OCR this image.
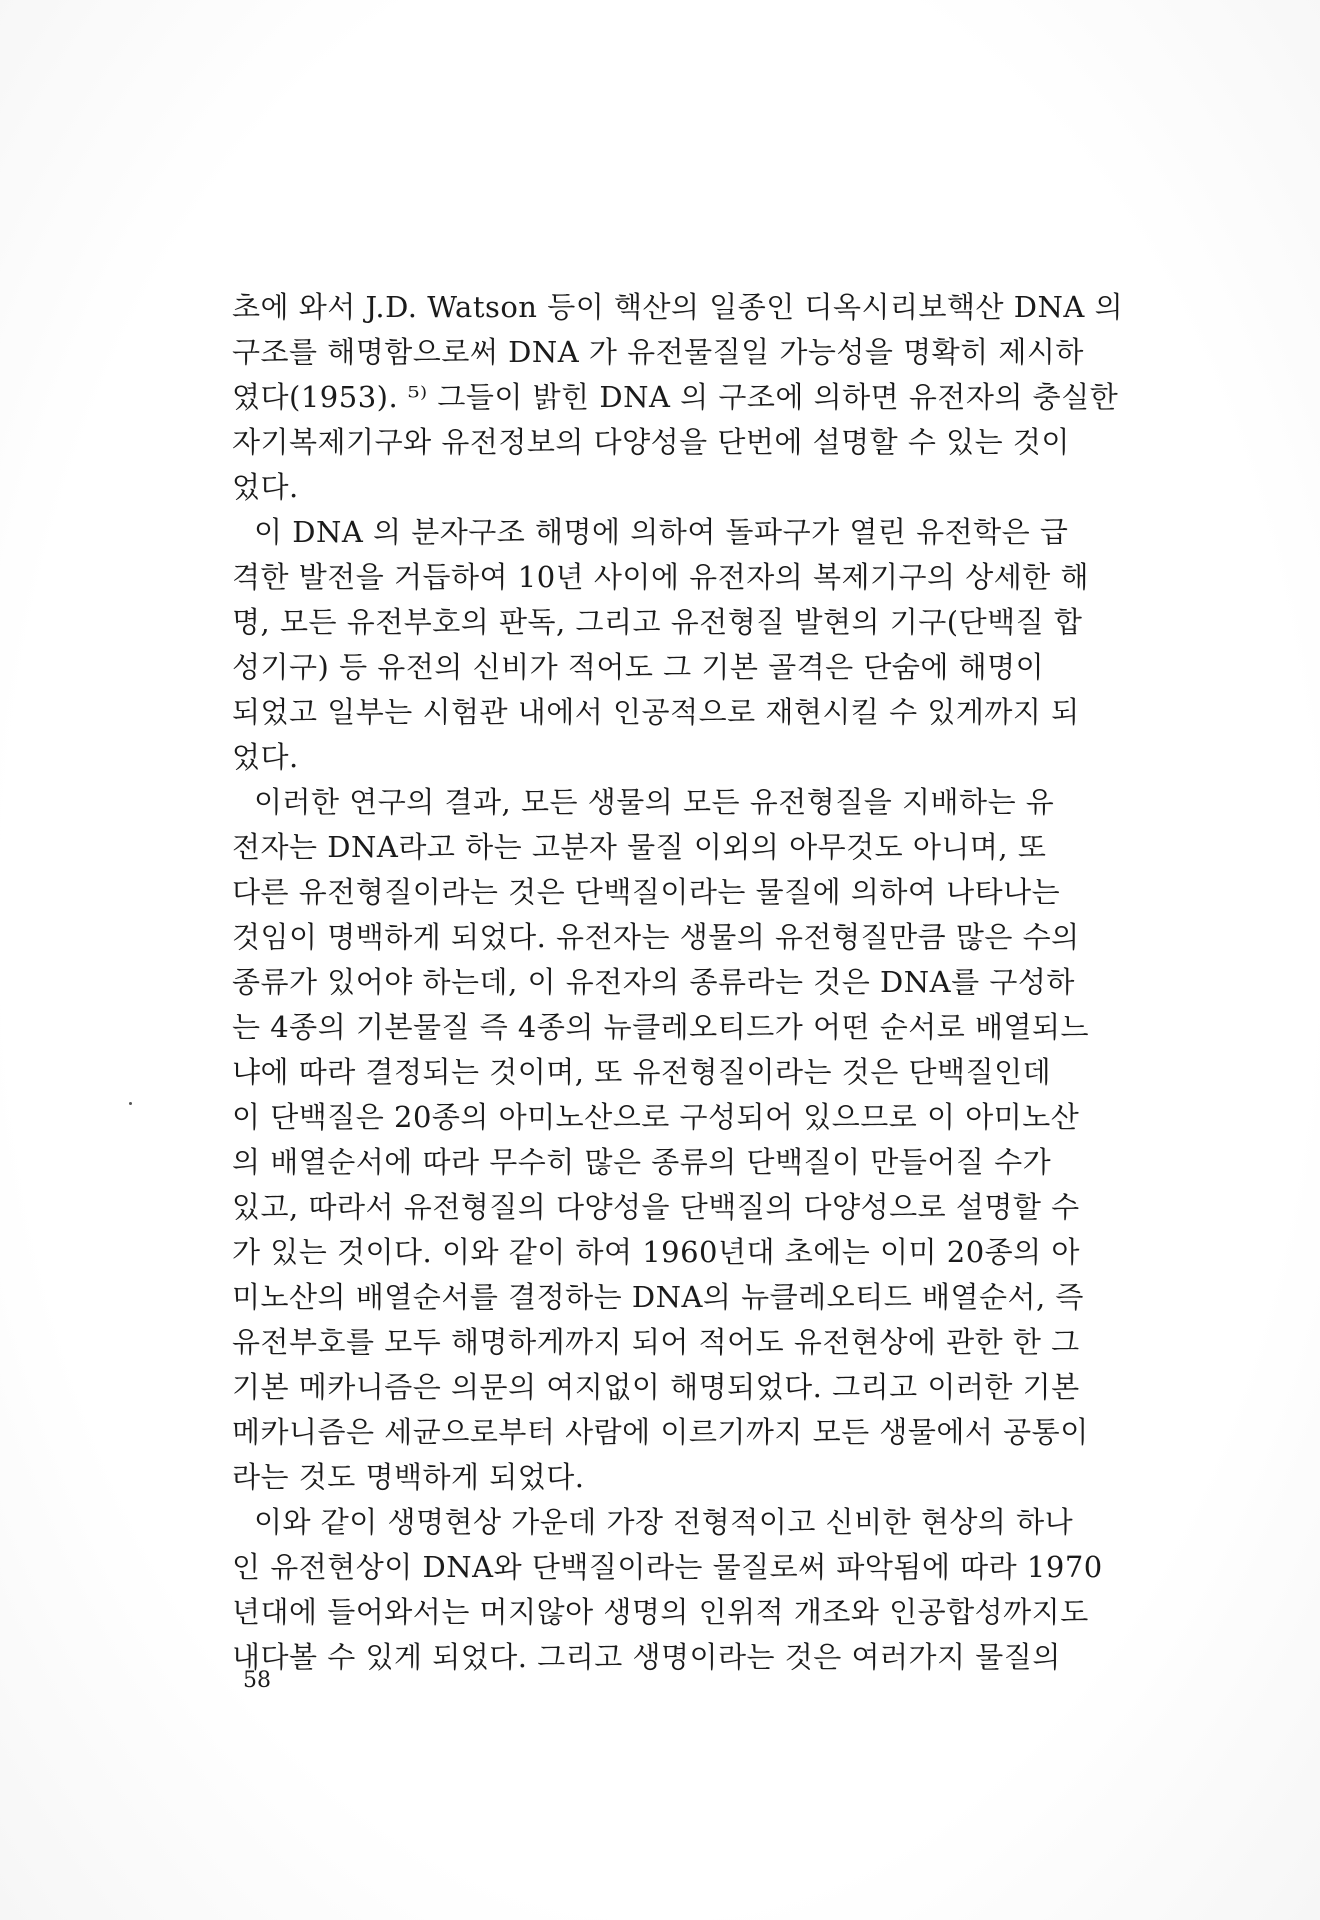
초에 와서 J.D. Watson 등이 핵산의 일종인 디옥시리보핵산 DNA 의
구조를 해명함으로써 DNA 가 유전물질일 가능성을 명확히 제시하
였다(1953). ⁵⁾ 그들이 밝힌 DNA 의 구조에 의하면 유전자의 충실한
자기복제기구와 유전정보의 다양성을 단번에 설명할 수 있는 것이
었다.
이 DNA 의 분자구조 해명에 의하여 돌파구가 열린 유전학은 급
격한 발전을 거듭하여 10년 사이에 유전자의 복제기구의 상세한 해
명, 모든 유전부호의 판독, 그리고 유전형질 발현의 기구(단백질 합
성기구) 등 유전의 신비가 적어도 그 기본 골격은 단숨에 해명이
되었고 일부는 시험관 내에서 인공적으로 재현시킬 수 있게까지 되
었다.
이러한 연구의 결과, 모든 생물의 모든 유전형질을 지배하는 유
전자는 DNA라고 하는 고분자 물질 이외의 아무것도 아니며, 또
다른 유전형질이라는 것은 단백질이라는 물질에 의하여 나타나는
것임이 명백하게 되었다. 유전자는 생물의 유전형질만큼 많은 수의
종류가 있어야 하는데, 이 유전자의 종류라는 것은 DNA를 구성하
는 4종의 기본물질 즉 4종의 뉴클레오티드가 어떤 순서로 배열되느
냐에 따라 결정되는 것이며, 또 유전형질이라는 것은 단백질인데
이 단백질은 20종의 아미노산으로 구성되어 있으므로 이 아미노산
의 배열순서에 따라 무수히 많은 종류의 단백질이 만들어질 수가
있고, 따라서 유전형질의 다양성을 단백질의 다양성으로 설명할 수
가 있는 것이다. 이와 같이 하여 1960년대 초에는 이미 20종의 아
미노산의 배열순서를 결정하는 DNA의 뉴클레오티드 배열순서, 즉
유전부호를 모두 해명하게까지 되어 적어도 유전현상에 관한 한 그
기본 메카니즘은 의문의 여지없이 해명되었다. 그리고 이러한 기본
메카니즘은 세균으로부터 사람에 이르기까지 모든 생물에서 공통이
라는 것도 명백하게 되었다.
이와 같이 생명현상 가운데 가장 전형적이고 신비한 현상의 하나
인 유전현상이 DNA와 단백질이라는 물질로써 파악됨에 따라 1970
년대에 들어와서는 머지않아 생명의 인위적 개조와 인공합성까지도
내다볼 수 있게 되었다. 그리고 생명이라는 것은 여러가지 물질의
58
